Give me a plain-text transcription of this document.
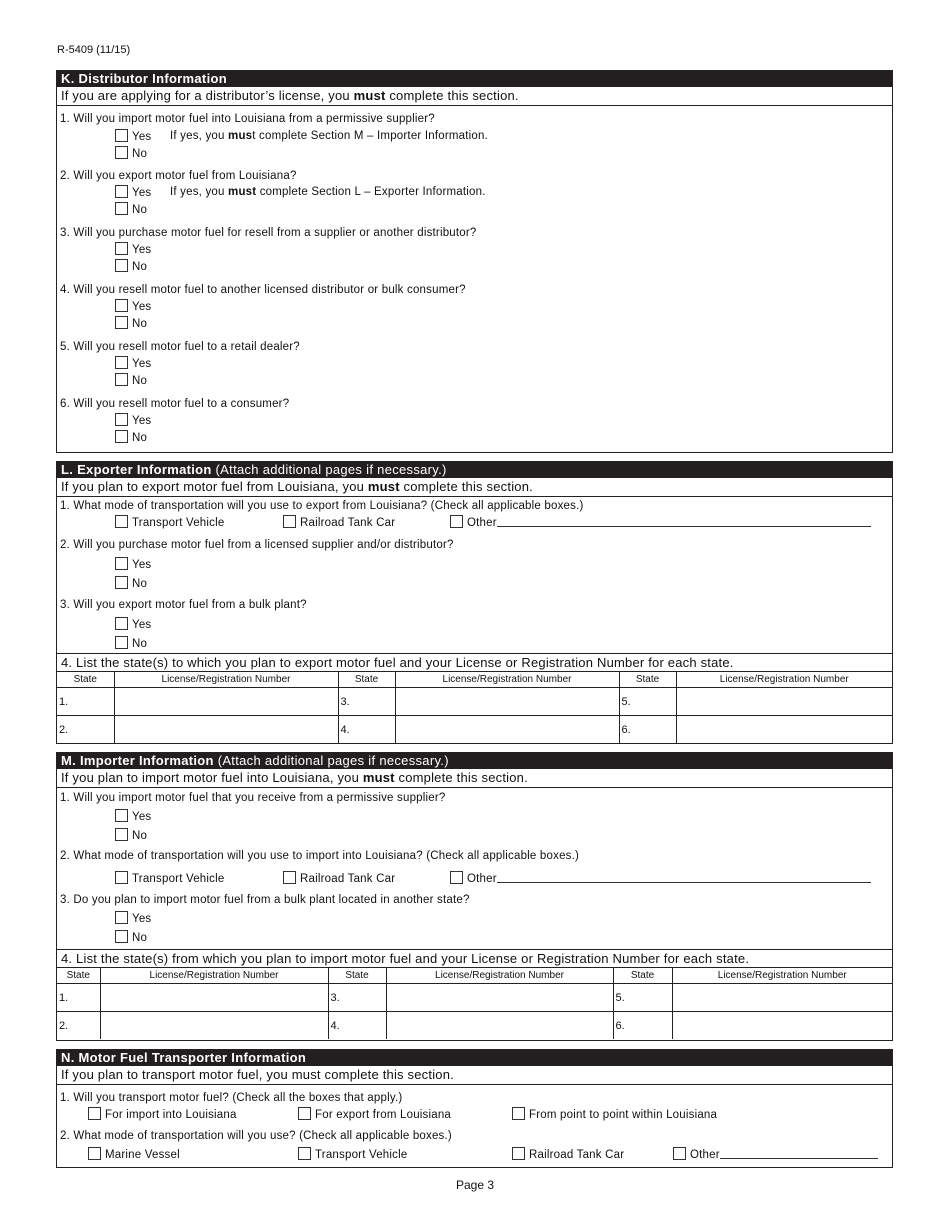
R-5409 (11/15)
K. Distributor Information
If you are applying for a distributor’s license, you must complete this section.
1. Will you import motor fuel into Louisiana from a permissive supplier?
Yes If yes, you must complete Section M – Importer Information.
No
2. Will you export motor fuel from Louisiana?
Yes If yes, you must complete Section L – Exporter Information.
No
3. Will you purchase motor fuel for resell from a supplier or another distributor?
Yes
No
4. Will you resell motor fuel to another licensed distributor or bulk consumer?
Yes
No
5. Will you resell motor fuel to a retail dealer?
Yes
No
6. Will you resell motor fuel to a consumer?
Yes
No
L. Exporter Information (Attach additional pages if necessary.)
If you plan to export motor fuel from Louisiana, you must complete this section.
1. What mode of transportation will you use to export from Louisiana? (Check all applicable boxes.)
Transport Vehicle	Railroad Tank Car	Other
2. Will you purchase motor fuel from a licensed supplier and/or distributor?
Yes
No
3. Will you export motor fuel from a bulk plant?
Yes
No
4. List the state(s) to which you plan to export motor fuel and your License or Registration Number for each state.
State	License/Registration Number	State	License/Registration Number	State	License/Registration Number
1.		3.		5.	
2.		4.		6.	
M. Importer Information (Attach additional pages if necessary.)
If you plan to import motor fuel into Louisiana, you must complete this section.
1. Will you import motor fuel that you receive from a permissive supplier?
Yes
No
2. What mode of transportation will you use to import into Louisiana? (Check all applicable boxes.)
Transport Vehicle	Railroad Tank Car	Other
3. Do you plan to import motor fuel from a bulk plant located in another state?
Yes
No
4. List the state(s) from which you plan to import motor fuel and your License or Registration Number for each state.
State	License/Registration Number	State	License/Registration Number	State	License/Registration Number
1.		3.		5.	
2.		4.		6.	
N. Motor Fuel Transporter Information
If you plan to transport motor fuel, you must complete this section.
1. Will you transport motor fuel? (Check all the boxes that apply.)
For import into Louisiana	For export from Louisiana	From point to point within Louisiana
2. What mode of transportation will you use? (Check all applicable boxes.)
Marine Vessel	Transport Vehicle	Railroad Tank Car	Other
Page 3
